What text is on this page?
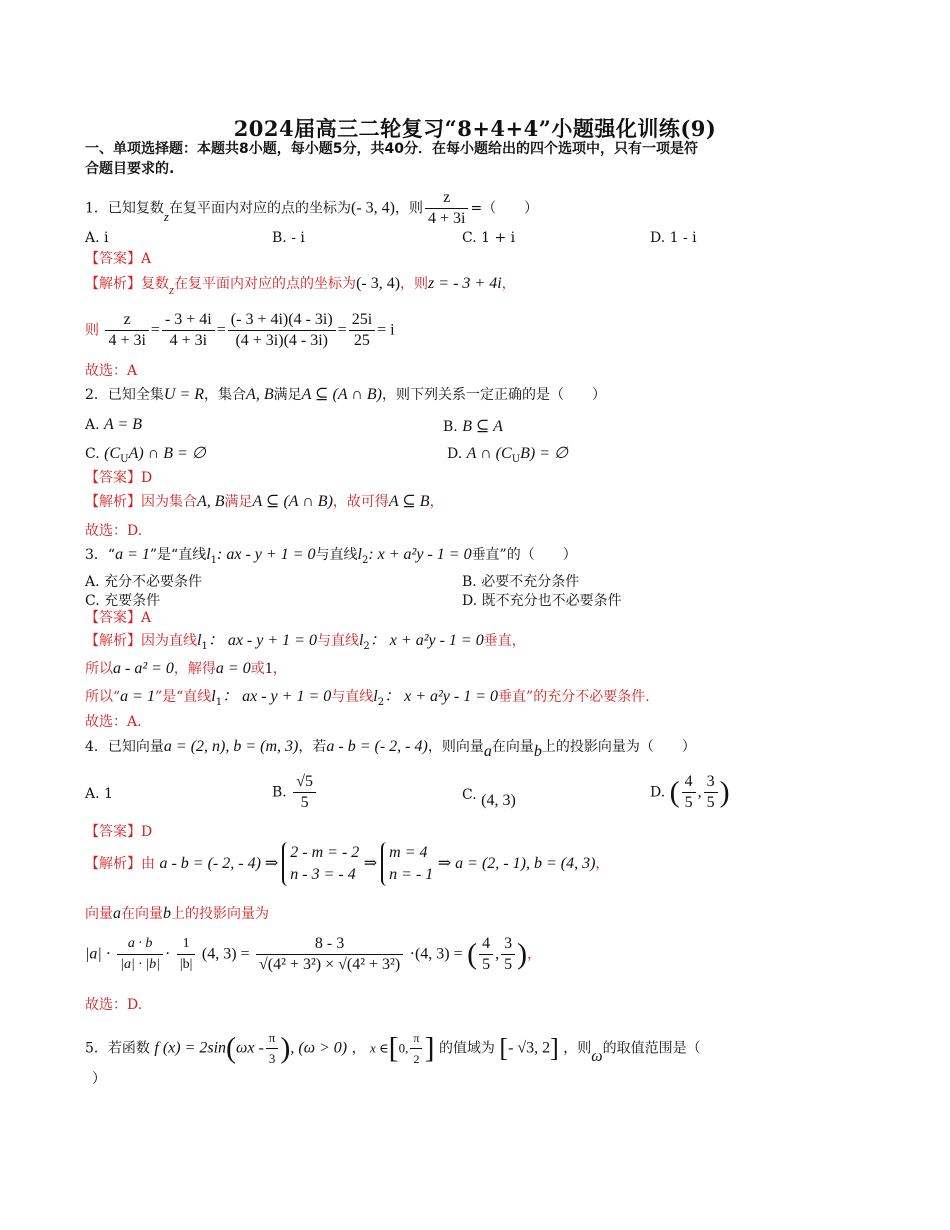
2024届高三二轮复习“8+4+4”小题强化训练(9)
一、单项选择题：本题共8小题，每小题5分，共40分．在每小题给出的四个选项中，只有一项是符
合题目要求的.
1．已知复数z在复平面内对应的点的坐标为(- 3, 4)，则 $\frac{z}{4 + 3i}$ =（　　）
A. i	B. - i	C. 1 + i	D. 1 - i
【答案】A
【解析】复数z在复平面内对应的点的坐标为(- 3, 4)，则z = - 3 + 4i，
则 $\frac{z}{4 + 3i} = \frac{- 3 + 4i}{4 + 3i} = \frac{(- 3 + 4i)(4 - 3i)}{(4 + 3i)(4 - 3i)} = \frac{25i}{25} = i$
故选：A
2．已知全集U = R，集合A, B满足A ⊆ (A ∩ B)，则下列关系一定正确的是（　　）
A. A = B	B. B ⊆ A
C. $(C_UA)$ ∩ B = ∅	D. A ∩ $(C_UB)$ = ∅
【答案】D
【解析】因为集合A, B满足A ⊆ (A ∩ B)，故可得A ⊆ B，
故选：D.
3．“a = 1”是“直线$l_1$: ax - y + 1 = 0与直线$l_2$: x + a²y - 1 = 0垂直”的（　　）
A. 充分不必要条件	B. 必要不充分条件
C. 充要条件	D. 既不充分也不必要条件
【答案】A
【解析】因为直线$l_1$： ax - y + 1 = 0与直线$l_2$： x + a²y - 1 = 0垂直，
所以a - a² = 0，解得a = 0或1，
所以“a = 1”是“直线$l_1$： ax - y + 1 = 0与直线$l_2$： x + a²y - 1 = 0垂直”的充分不必要条件.
故选：A.
4．已知向量a = (2, n), b = (m, 3)，若a - b = (- 2, - 4)，则向量a在向量b上的投影向量为（　　）
A. 1	B. $\frac{√5}{5}$	C. (4, 3)	D. ( $\frac{4}{5}$ , $\frac{3}{5}$ )
【答案】D
【解析】由 a - b = (- 2, - 4) ⇒
2 - m = - 2
n - 3 = - 4
⇒
m = 4
n = - 1
⇒ a = (2, - 1), b = (4, 3)，
向量a在向量b上的投影向量为
$|a| \cdot \frac{a \cdot b}{|a| \cdot |b|} \cdot \frac{1}{|b|} (4$, $3) = \frac{8 - 3}{\text{√(4² + 3²) × √(4² + 3²)}} \cdot(4$, 3) = ( $\frac{4}{5}$ , $\frac{3}{5}$ )，
故选：D.
5．若函数 f $(x) = 2\sin(\omega x - \frac{\pi}{3}$ ), (ω > 0) ， x ∈[0, $\frac{\pi}{2}$ ] 的值域为 [- √3, 2] ，则ω的取值范围是（
）
